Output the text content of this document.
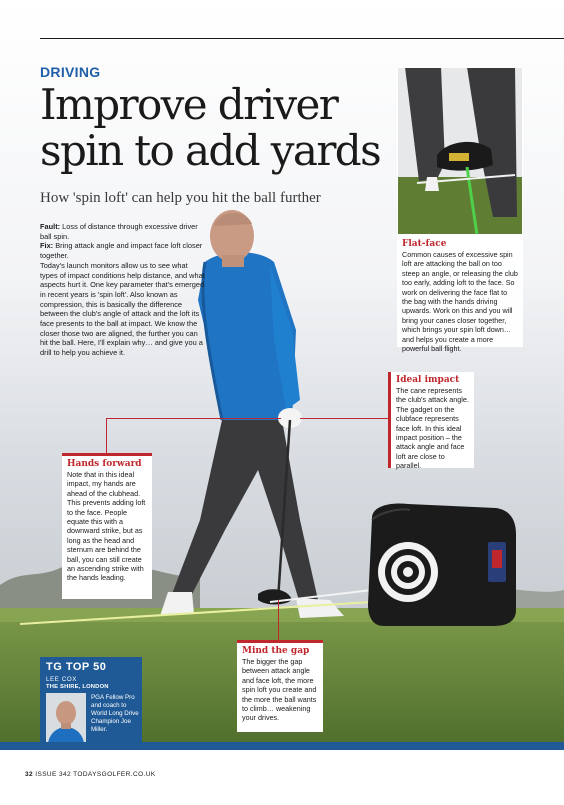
DRIVING
Improve driver
spin to add yards
How 'spin loft' can help you hit the ball further

Fault: Loss of distance through excessive driver ball spin.

Fix: Bring attack angle and impact face loft closer together.

Today's launch monitors allow us to see what types of impact conditions help distance, and what aspects hurt it. One key parameter that's emerged in recent years is 'spin loft'. Also known as compression, this is basically the difference between the club's angle of attack and the loft its face presents to the ball at impact. We know the closer those two are aligned, the further you can hit the ball. Here, I'll explain why… and give you a drill to help you achieve it.

Flat-face

Common causes of excessive spin loft are attacking the ball on too steep an angle, or releasing the club too early, adding loft to the face. So work on delivering the face flat to the bag with the hands driving upwards. Work on this and you will bring your canes closer together, which brings your spin loft down… and helps you create a more powerful ball flight.

Ideal impact

The cane represents the club's attack angle. The gadget on the clubface represents face loft. In this ideal impact position – the attack angle and face loft are close to parallel.

Hands forward

Note that in this ideal impact, my hands are ahead of the clubhead. This prevents adding loft to the face. People equate this with a downward strike, but as long as the head and sternum are behind the ball, you can still create an ascending strike with the hands leading.

Mind the gap

The bigger the gap between attack angle and face loft, the more spin loft you create and the more the ball wants to climb… weakening your drives.

TG TOP 50
LEE COX
THE SHIRE, LONDON
PGA Fellow Pro and coach to World Long Drive Champion Joe Miller.
32 ISSUE 342 TODAYSGOLFER.CO.UK
